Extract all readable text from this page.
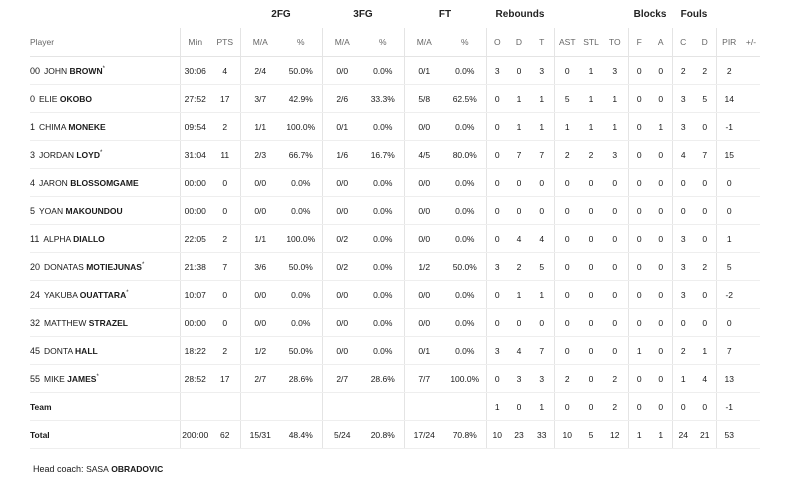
			2FG		3FG		FT		Rebounds						Blocks		Fouls			
Player	Min	PTS	M/A	%	M/A	%	M/A	%	O	D	T	AST	STL	TO	F	A	C	D	PIR	+/-
00 JOHN BROWN*	30:06	4	2/4	50.0%	0/0	0.0%	0/1	0.0%	3	0	3	0	1	3	0	0	2	2	2	
0 ELIE OKOBO	27:52	17	3/7	42.9%	2/6	33.3%	5/8	62.5%	0	1	1	5	1	1	0	0	3	5	14	
1 CHIMA MONEKE	09:54	2	1/1	100.0%	0/1	0.0%	0/0	0.0%	0	1	1	1	1	1	0	1	3	0	-1	
3 JORDAN LOYD*	31:04	11	2/3	66.7%	1/6	16.7%	4/5	80.0%	0	7	7	2	2	3	0	0	4	7	15	
4 JARON BLOSSOMGAME	00:00	0	0/0	0.0%	0/0	0.0%	0/0	0.0%	0	0	0	0	0	0	0	0	0	0	0	
5 YOAN MAKOUNDOU	00:00	0	0/0	0.0%	0/0	0.0%	0/0	0.0%	0	0	0	0	0	0	0	0	0	0	0	
11 ALPHA DIALLO	22:05	2	1/1	100.0%	0/2	0.0%	0/0	0.0%	0	4	4	0	0	0	0	0	3	0	1	
20 DONATAS MOTIEJUNAS*	21:38	7	3/6	50.0%	0/2	0.0%	1/2	50.0%	3	2	5	0	0	0	0	0	3	2	5	
24 YAKUBA OUATTARA*	10:07	0	0/0	0.0%	0/0	0.0%	0/0	0.0%	0	1	1	0	0	0	0	0	3	0	-2	
32 MATTHEW STRAZEL	00:00	0	0/0	0.0%	0/0	0.0%	0/0	0.0%	0	0	0	0	0	0	0	0	0	0	0	
45 DONTA HALL	18:22	2	1/2	50.0%	0/0	0.0%	0/1	0.0%	3	4	7	0	0	0	1	0	2	1	7	
55 MIKE JAMES*	28:52	17	2/7	28.6%	2/7	28.6%	7/7	100.0%	0	3	3	2	0	2	0	0	1	4	13	
Team									1	0	1	0	0	2	0	0	0	0	-1	
Total	200:00	62	15/31	48.4%	5/24	20.8%	17/24	70.8%	10	23	33	10	5	12	1	1	24	21	53	
Head coach: SASA OBRADOVIC
